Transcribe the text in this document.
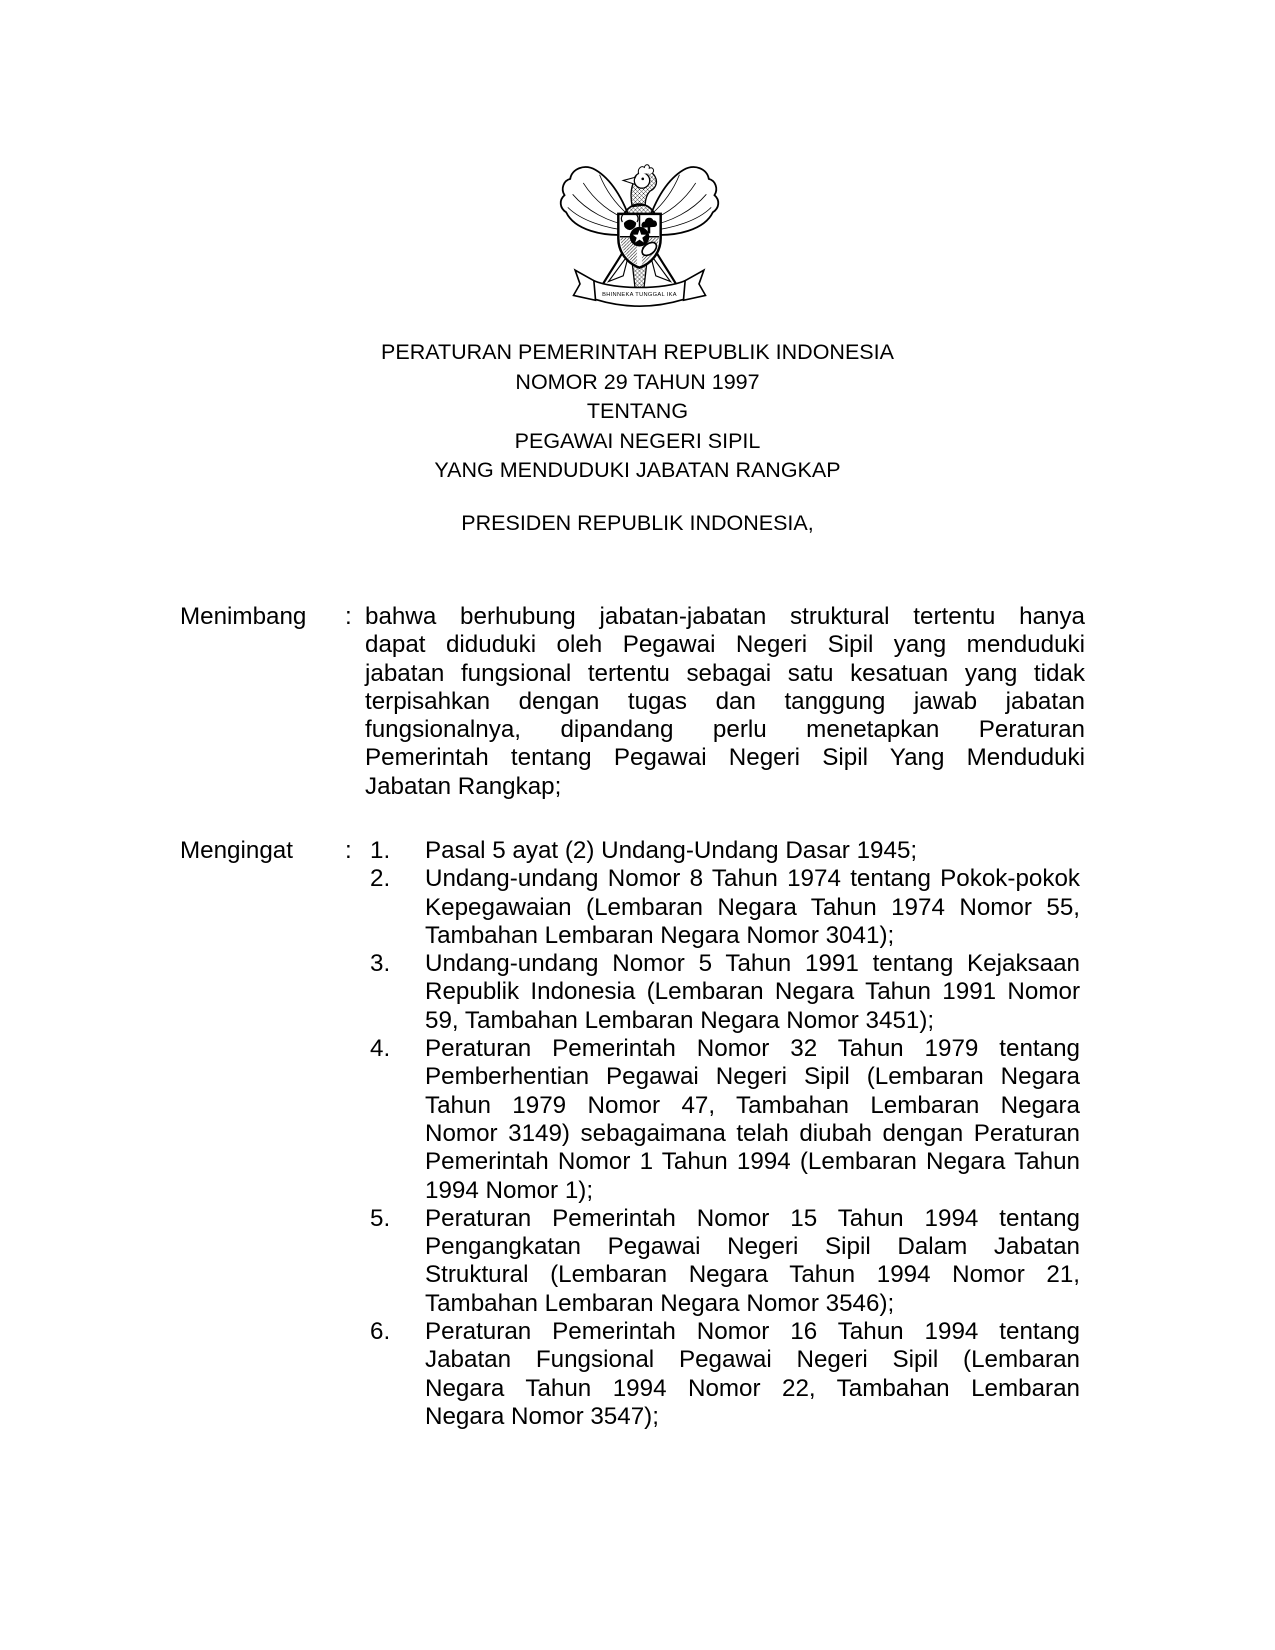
BHINNEKA TUNGGAL IKA
PERATURAN PEMERINTAH REPUBLIK INDONESIA
NOMOR 29 TAHUN 1997
TENTANG
PEGAWAI NEGERI SIPIL
YANG MENDUDUKI JABATAN RANGKAP
PRESIDEN REPUBLIK INDONESIA,
Menimbang : bahwa berhubung jabatan-jabatan struktural tertentu hanya
dapat diduduki oleh Pegawai Negeri Sipil yang menduduki
jabatan fungsional tertentu sebagai satu kesatuan yang tidak
terpisahkan dengan tugas dan tanggung jawab jabatan
fungsionalnya, dipandang perlu menetapkan Peraturan
Pemerintah tentang Pegawai Negeri Sipil Yang Menduduki
Jabatan Rangkap;
Mengingat : 1.	Pasal 5 ayat (2) Undang-Undang Dasar 1945;
2.	Undang-undang Nomor 8 Tahun 1974 tentang Pokok-pokok
Kepegawaian (Lembaran Negara Tahun 1974 Nomor 55,
Tambahan Lembaran Negara Nomor 3041);
3.	Undang-undang Nomor 5 Tahun 1991 tentang Kejaksaan
Republik Indonesia (Lembaran Negara Tahun 1991 Nomor
59, Tambahan Lembaran Negara Nomor 3451);
4.	Peraturan Pemerintah Nomor 32 Tahun 1979 tentang
Pemberhentian Pegawai Negeri Sipil (Lembaran Negara
Tahun 1979 Nomor 47, Tambahan Lembaran Negara
Nomor 3149) sebagaimana telah diubah dengan Peraturan
Pemerintah Nomor 1 Tahun 1994 (Lembaran Negara Tahun
1994 Nomor 1);
5.	Peraturan Pemerintah Nomor 15 Tahun 1994 tentang
Pengangkatan Pegawai Negeri Sipil Dalam Jabatan
Struktural (Lembaran Negara Tahun 1994 Nomor 21,
Tambahan Lembaran Negara Nomor 3546);
6.	Peraturan Pemerintah Nomor 16 Tahun 1994 tentang
Jabatan Fungsional Pegawai Negeri Sipil (Lembaran
Negara Tahun 1994 Nomor 22, Tambahan Lembaran
Negara Nomor 3547);
